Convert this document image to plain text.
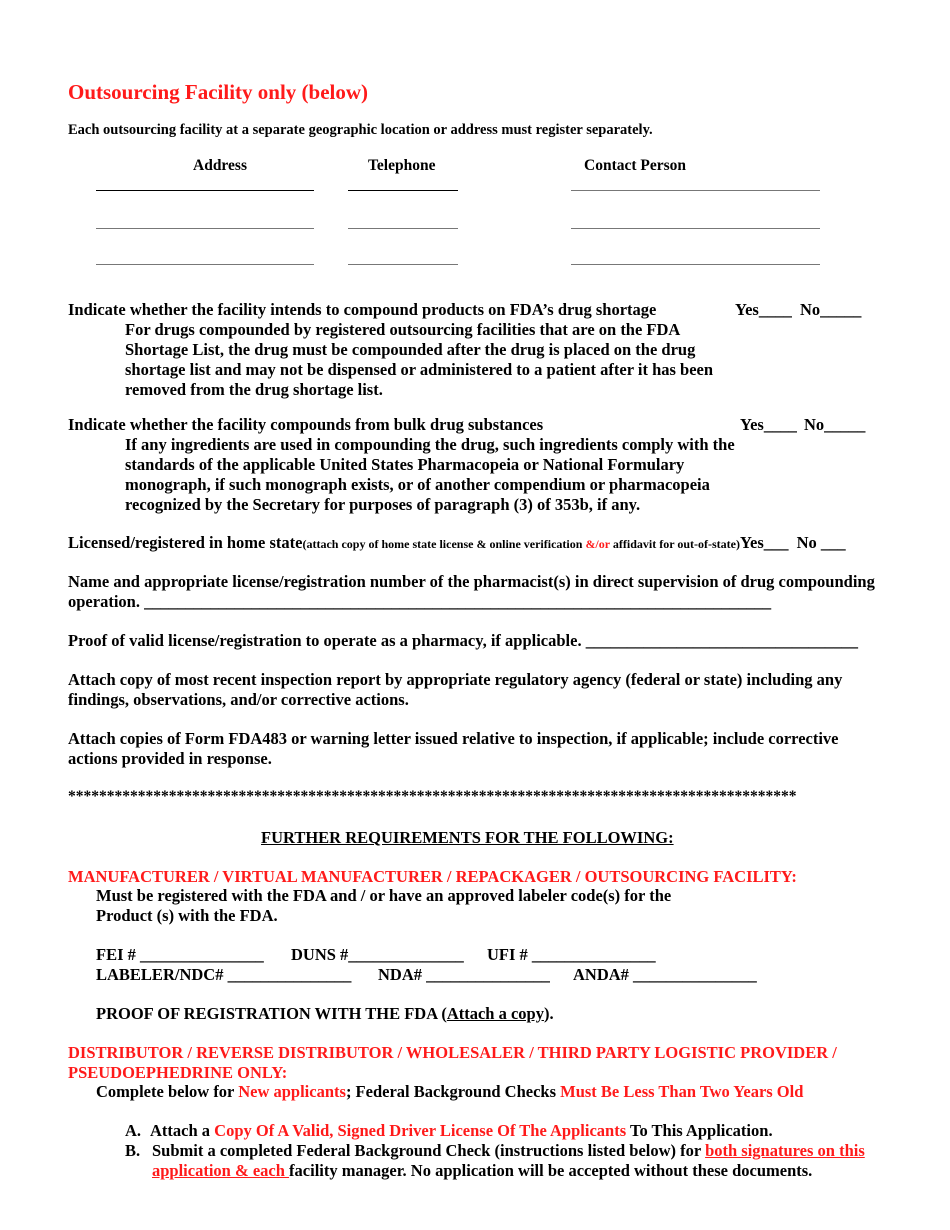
Outsourcing Facility only (below)
Each outsourcing facility at a separate geographic location or address must register separately.
Address	Telephone	Contact Person
Indicate whether the facility intends to compound products on FDA’s drug shortage	Yes____ No_____
For drugs compounded by registered outsourcing facilities that are on the FDA Shortage List, the drug must be compounded after the drug is placed on the drug shortage list and may not be dispensed or administered to a patient after it has been removed from the drug shortage list.
Indicate whether the facility compounds from bulk drug substances	Yes____ No_____
If any ingredients are used in compounding the drug, such ingredients comply with the standards of the applicable United States Pharmacopeia or National Formulary monograph, if such monograph exists, or of another compendium or pharmacopeia recognized by the Secretary for purposes of paragraph (3) of 353b, if any.
Licensed/registered in home state(attach copy of home state license & online verification &/or affidavit for out-of-state)Yes___ No ___
Name and appropriate license/registration number of the pharmacist(s) in direct supervision of drug compounding operation. ____________________________________________________________________________
Proof of valid license/registration to operate as a pharmacy, if applicable. _________________________________
Attach copy of most recent inspection report by appropriate regulatory agency (federal or state) including any findings, observations, and/or corrective actions.
Attach copies of Form FDA483 or warning letter issued relative to inspection, if applicable; include corrective actions provided in response.
**********************************************************************************************
FURTHER REQUIREMENTS FOR THE FOLLOWING:
MANUFACTURER / VIRTUAL MANUFACTURER / REPACKAGER / OUTSOURCING FACILITY:
Must be registered with the FDA and / or have an approved labeler code(s) for the
Product (s) with the FDA.
FEI # _______________ DUNS #______________ UFI # _______________
LABELER/NDC# _______________ NDA# _______________ ANDA# _______________
PROOF OF REGISTRATION WITH THE FDA (Attach a copy).
DISTRIBUTOR / REVERSE DISTRIBUTOR / WHOLESALER / THIRD PARTY LOGISTIC PROVIDER / PSEUDOEPHEDRINE ONLY:
Complete below for New applicants; Federal Background Checks Must Be Less Than Two Years Old
A. Attach a Copy Of A Valid, Signed Driver License Of The Applicants To This Application.
B. Submit a completed Federal Background Check (instructions listed below) for both signatures on this application & each facility manager. No application will be accepted without these documents.
